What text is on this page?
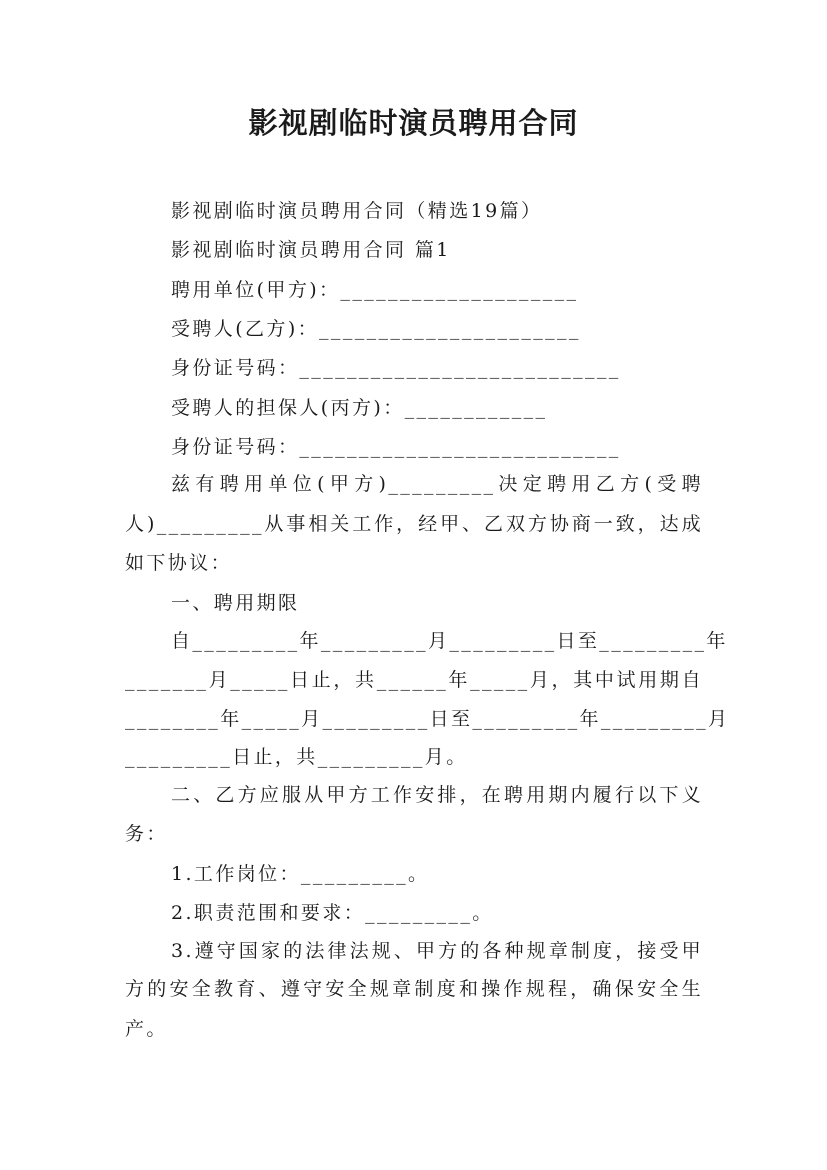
影视剧临时演员聘用合同
影视剧临时演员聘用合同（精选19篇）
影视剧临时演员聘用合同 篇1
聘用单位(甲方)：____________________
受聘人(乙方)：______________________
身份证号码：___________________________
受聘人的担保人(丙方)：____________
身份证号码：___________________________
兹有聘用单位(甲方)_________决定聘用乙方(受聘
人)_________从事相关工作，经甲、乙双方协商一致，达成
如下协议：
一、聘用期限
自_________年_________月_________日至_________年
_______月_____日止，共______年_____月，其中试用期自
________年_____月_________日至_________年_________月
_________日止，共_________月。
二、乙方应服从甲方工作安排，在聘用期内履行以下义
务：
1.工作岗位：_________。
2.职责范围和要求：_________。
3.遵守国家的法律法规、甲方的各种规章制度，接受甲
方的安全教育、遵守安全规章制度和操作规程，确保安全生
产。
